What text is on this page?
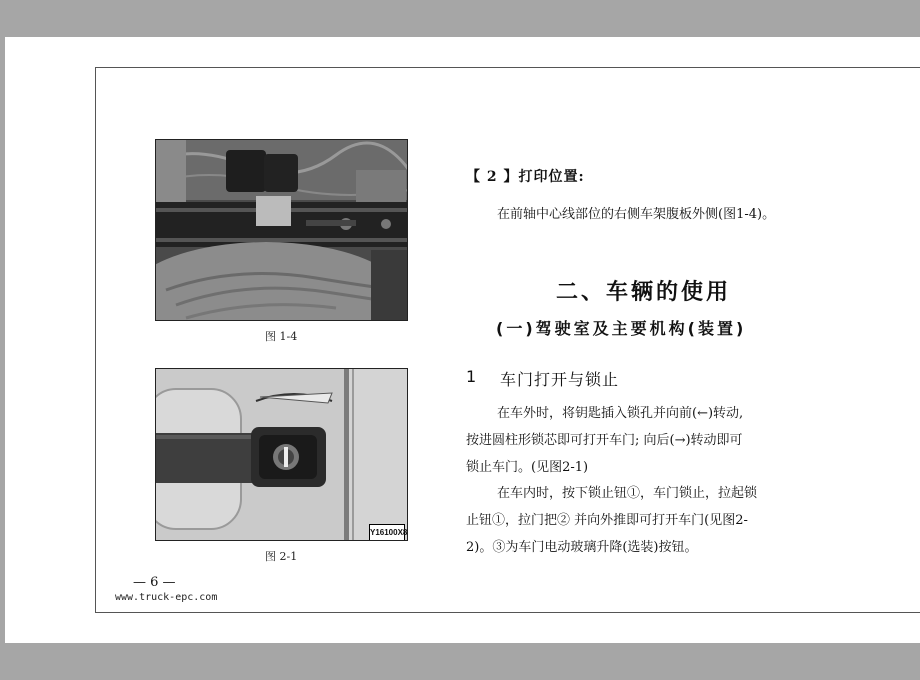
图 1-4
Y16100X8
图 2-1
【 2 】打印位置:
在前轴中心线部位的右侧车架腹板外侧(图1-4)。
二、车辆的使用
(一)驾驶室及主要机构(装置)
1 车门打开与锁止
在车外时，将钥匙插入锁孔并向前(←)转动,
按进圆柱形锁芯即可打开车门; 向后(→)转动即可
锁止车门。(见图2-1)
在车内时，按下锁止钮①，车门锁止，拉起锁
止钮①，拉门把② 并向外推即可打开车门(见图2-
2)。③为车门电动玻璃升降(选装)按钮。
— 6 —
www.truck-epc.com
